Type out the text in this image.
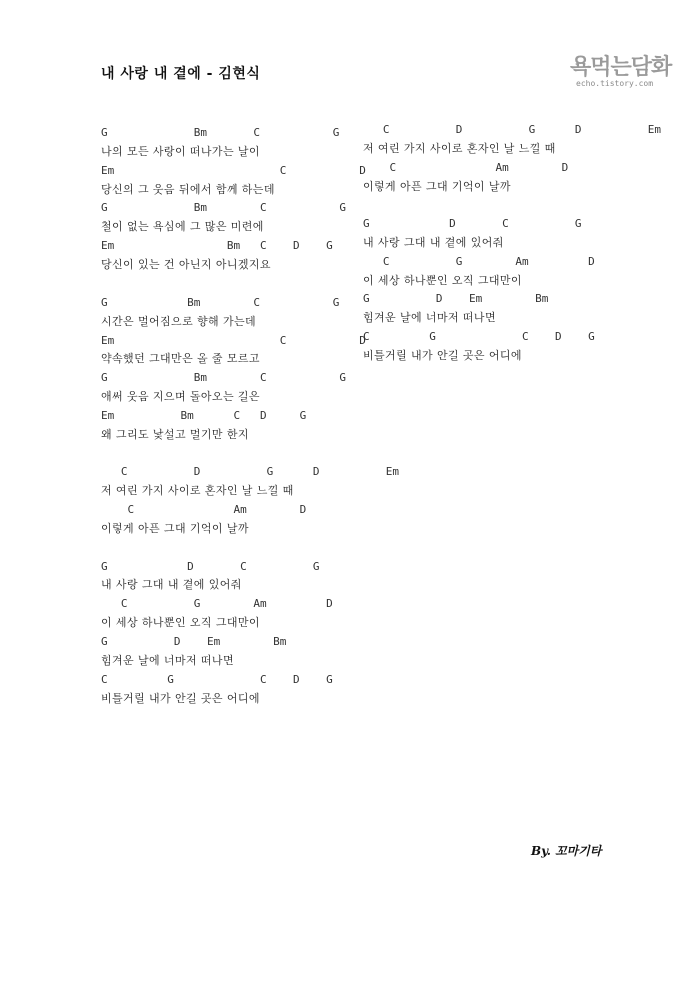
내 사랑 내 곁에 - 김현식	욕먹는담화
echo.tistory.com
G             Bm       C           G
나의 모든 사랑이 떠나가는 날이
Em                         C           D
당신의 그 웃음 뒤에서 함께 하는데
G             Bm        C           G
철이 없는 욕심에 그 많은 미련에
Em                 Bm   C    D    G
당신이 있는 건 아닌지 아니겠지요
G            Bm        C           G
시간은 멀어짐으로 향해 가는데
Em                         C           D
약속했던 그대만은 올 줄 모르고
G             Bm        C           G
애써 웃음 지으며 돌아오는 길은
Em          Bm      C   D     G
왜 그리도 낯설고 멀기만 한지
C          D          G      D          Em
저 여린 가지 사이로 혼자인 날 느낄 때
C               Am        D
이렇게 아픈 그대 기억이 날까
G            D       C          G
내 사랑 그대 내 곁에 있어줘
C          G        Am         D
이 세상 하나뿐인 오직 그대만이
G          D    Em        Bm
힘겨운 날에 너마저 떠나면
C         G             C    D    G
비틀거릴 내가 안길 곳은 어디에
C          D          G      D          Em
저 여린 가지 사이로 혼자인 날 느낄 때
C               Am        D
이렇게 아픈 그대 기억이 날까
G            D       C          G
내 사랑 그대 내 곁에 있어줘
C          G        Am         D
이 세상 하나뿐인 오직 그대만이
G          D    Em        Bm
힘겨운 날에 너마저 떠나면
C         G             C    D    G
비틀거릴 내가 안길 곳은 어디에
By. 꼬마기타
